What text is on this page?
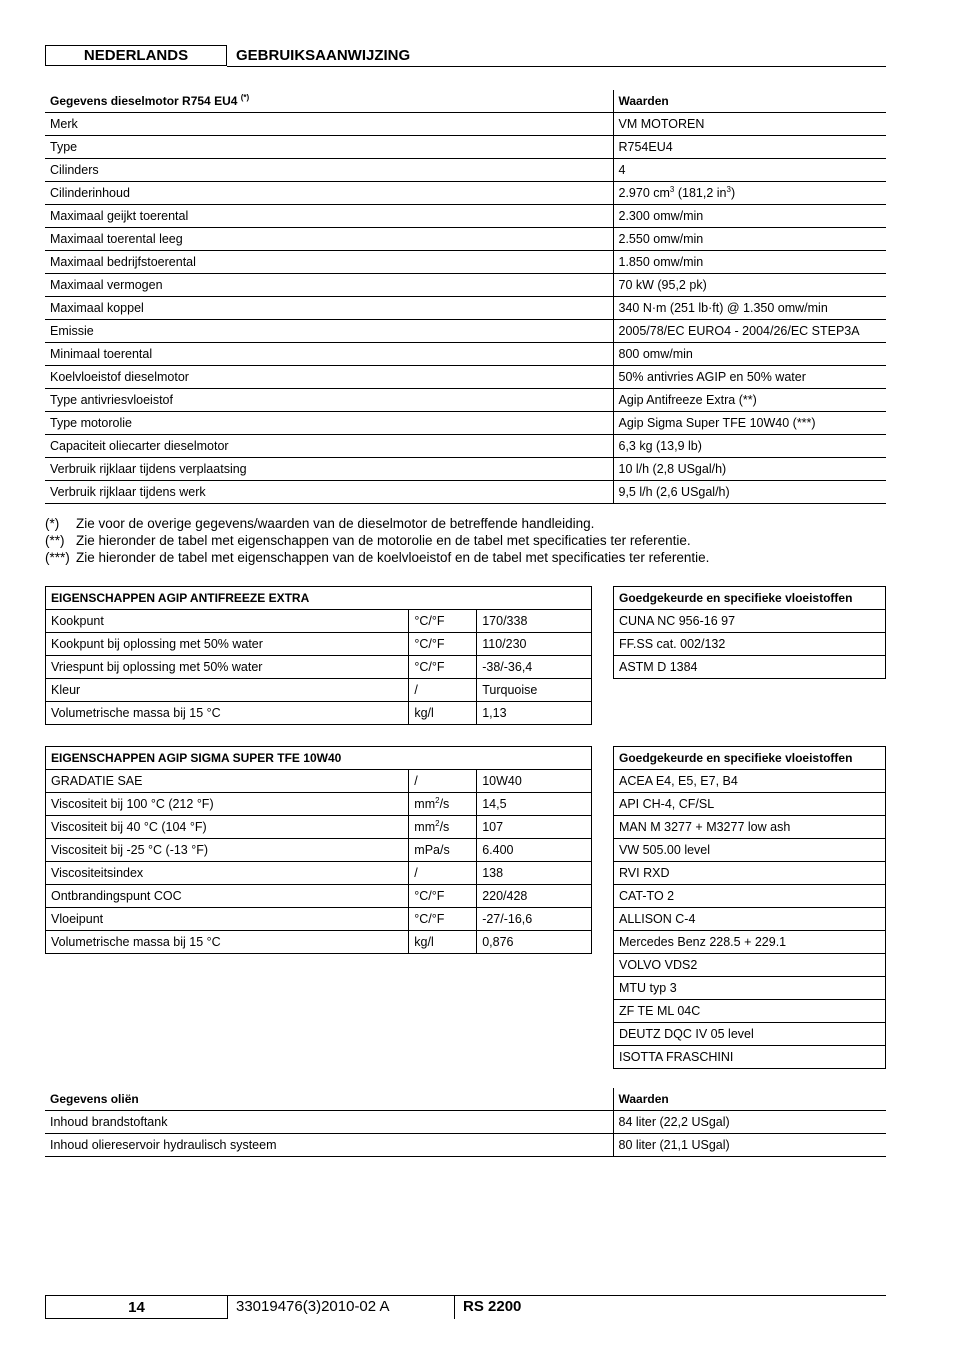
NEDERLANDS	GEBRUIKSAANWIJZING
Gegevens dieselmotor R754 EU4 (*)	Waarden
Merk	VM MOTOREN
Type	R754EU4
Cilinders	4
Cilinderinhoud	2.970 $cm^3$ (181,2 $in^3$)
Maximaal geijkt toerental	2.300 omw/min
Maximaal toerental leeg	2.550 omw/min
Maximaal bedrijfstoerental	1.850 omw/min
Maximaal vermogen	70 kW (95,2 pk)
Maximaal koppel	340 N·m (251 lb·ft) @ 1.350 omw/min
Emissie	2005/78/EC EURO4 - 2004/26/EC STEP3A
Minimaal toerental	800 omw/min
Koelvloeistof dieselmotor	50% antivries AGIP en 50% water
Type antivriesvloeistof	Agip Antifreeze Extra (**)
Type motorolie	Agip Sigma Super TFE 10W40 (***)
Capaciteit oliecarter dieselmotor	6,3 kg (13,9 lb)
Verbruik rijklaar tijdens verplaatsing	10 l/h (2,8 USgal/h)
Verbruik rijklaar tijdens werk	9,5 l/h (2,6 USgal/h)
(*)	Zie voor de overige gegevens/waarden van de dieselmotor de betreffende handleiding.
(**) Zie hieronder de tabel met eigenschappen van de motorolie en de tabel met specificaties ter referentie.
(***) Zie hieronder de tabel met eigenschappen van de koelvloeistof en de tabel met specificaties ter referentie.
EIGENSCHAPPEN AGIP ANTIFREEZE EXTRA		
Kookpunt	°C/°F	170/338
Kookpunt bij oplossing met 50% water	°C/°F	110/230
Vriespunt bij oplossing met 50% water	°C/°F	-38/-36,4
Kleur	/	Turquoise
Volumetrische massa bij 15 °C	kg/l	1,13
Goedgekeurde en specifieke vloeistoffen
CUNA NC 956-16 97
FF.SS cat. 002/132
ASTM D 1384
EIGENSCHAPPEN AGIP SIGMA SUPER TFE 10W40		
GRADATIE SAE	/	10W40
Viscositeit bij 100 °C (212 °F)	$mm^2/s$	14,5
Viscositeit bij 40 °C (104 °F)	$mm^2/s$	107
Viscositeit bij -25 °C (-13 °F)	mPa/s	6.400
Viscositeitsindex	/	138
Ontbrandingspunt COC	°C/°F	220/428
Vloeipunt	°C/°F	-27/-16,6
Volumetrische massa bij 15 °C	kg/l	0,876
Goedgekeurde en specifieke vloeistoffen
ACEA E4, E5, E7, B4
API CH-4, CF/SL
MAN M 3277 + M3277 low ash
VW 505.00 level
RVI RXD
CAT-TO 2
ALLISON C-4
Mercedes Benz 228.5 + 229.1
VOLVO VDS2
MTU typ 3
ZF TE ML 04C
DEUTZ DQC IV 05 level
ISOTTA FRASCHINI
Gegevens oliën	Waarden
Inhoud brandstoftank	84 liter (22,2 USgal)
Inhoud oliereservoir hydraulisch systeem	80 liter (21,1 USgal)
14	33019476(3)2010-02 A	RS 2200
